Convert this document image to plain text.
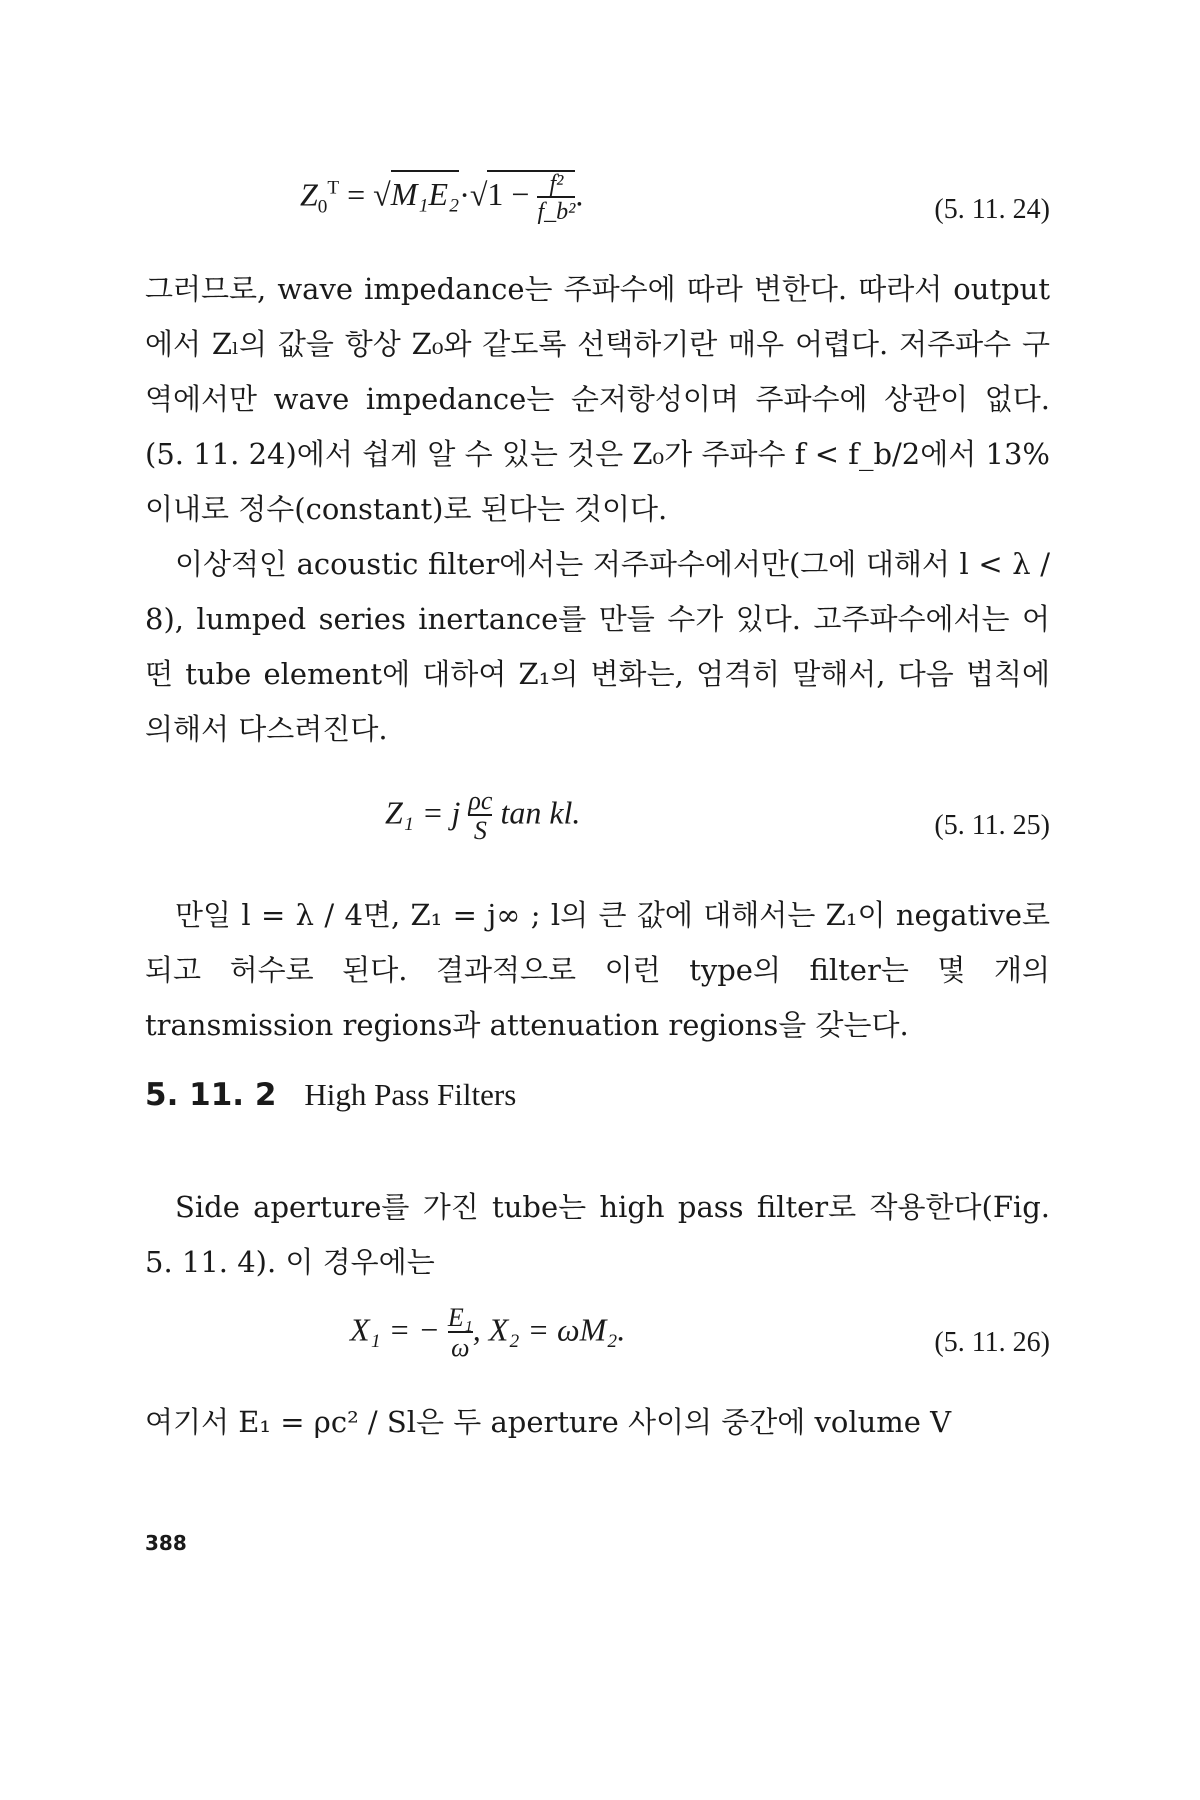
$Z_0^T = √M_1E_2\cdot√1 - \frac{\text{f²}}{\text{f\_b²}}$ .	(5. 11. 24)

그러므로, wave impedance는 주파수에 따라 변한다. 따라서 output에서 Zₗ의 값을 항상 Z₀와 같도록 선택하기란 매우 어렵다. 저주파수 구역에서만 wave impedance는 순저항성이며 주파수에 상관이 없다. (5. 11. 24)에서 쉽게 알 수 있는 것은 Z₀가 주파수 f < f_b/2에서 13% 이내로 정수(constant)로 된다는 것이다.

이상적인 acoustic filter에서는 저주파수에서만(그에 대해서 l < λ / 8), lumped series inertance를 만들 수가 있다. 고주파수에서는 어떤 tube element에 대하여 Z₁의 변화는, 엄격히 말해서, 다음 법칙에 의해서 다스려진다.

Z₁ = j $\frac{\rho c}{S}$ tan kl.	(5. 11. 25)

만일 l = λ / 4면, Z₁ = j∞ ; l의 큰 값에 대해서는 Z₁이 negative로 되고 허수로 된다. 결과적으로 이런 type의 filter는 몇 개의 transmission regions과 attenuation regions을 갖는다.

5. 11. 2 High Pass Filters

Side aperture를 가진 tube는 high pass filter로 작용한다(Fig. 5. 11. 4). 이 경우에는

X₁ = − $\frac{\text{E₁}}{\omega}$ , X₂ = ωM₂.	(5. 11. 26)

여기서 E₁ = ρc² / Sl은 두 aperture 사이의 중간에 volume V

388
